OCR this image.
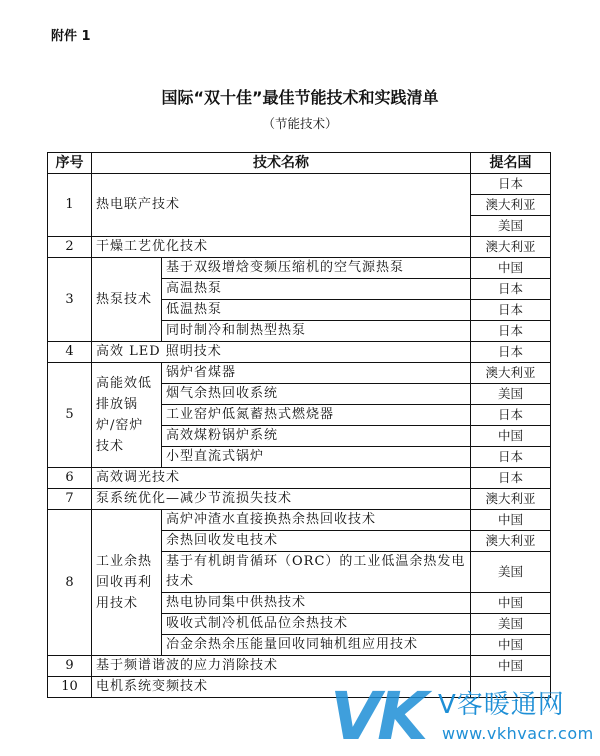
附件 1
国际“双十佳”最佳节能技术和实践清单
（节能技术）
序号	技术名称		提名国
1	热电联产技术		日本
			澳大利亚
			美国
2	干燥工艺优化技术		澳大利亚
3	热泵技术	基于双级增焓变频压缩机的空气源热泵	中国
		高温热泵	日本
		低温热泵	日本
		同时制冷和制热型热泵	日本
4	高效 LED 照明技术		日本
5	高能效低排放锅炉/窑炉技术	锅炉省煤器	澳大利亚
		烟气余热回收系统	美国
		工业窑炉低氮蓄热式燃烧器	日本
		高效煤粉锅炉系统	中国
		小型直流式锅炉	日本
6	高效调光技术		日本
7	泵系统优化—减少节流损失技术		澳大利亚
8	工业余热回收再利用技术	高炉冲渣水直接换热余热回收技术	中国
		余热回收发电技术	澳大利亚
		基于有机朗肯循环（ORC）的工业低温余热发电技术	美国
		热电协同集中供热技术	中国
		吸收式制冷机低品位余热技术	美国
		冶金余热余压能量回收同轴机组应用技术	中国
9	基于频谱谐波的应力消除技术		中国
10	电机系统变频技术		VK V客暖通网
www.vkhvacr.com
